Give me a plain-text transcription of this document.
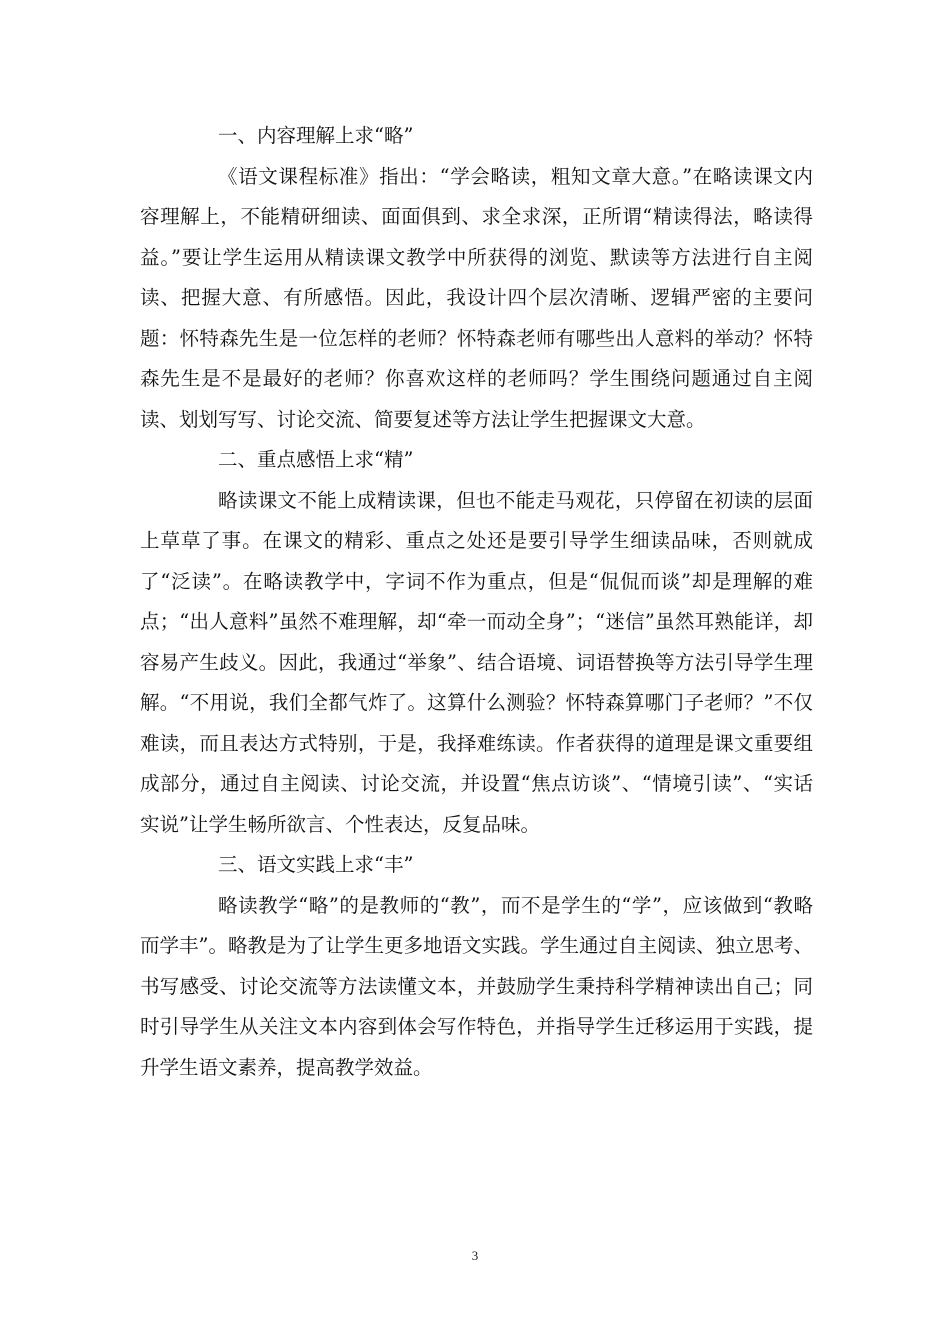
一、内容理解上求“略”

《语文课程标准》指出：“学会略读，粗知文章大意。”在略读课文内容理解上，不能精研细读、面面俱到、求全求深，正所谓“精读得法，略读得益。”要让学生运用从精读课文教学中所获得的浏览、默读等方法进行自主阅读、把握大意、有所感悟。因此，我设计四个层次清晰、逻辑严密的主要问题：怀特森先生是一位怎样的老师？怀特森老师有哪些出人意料的举动？怀特森先生是不是最好的老师？你喜欢这样的老师吗？学生围绕问题通过自主阅读、划划写写、讨论交流、简要复述等方法让学生把握课文大意。

二、重点感悟上求“精”

略读课文不能上成精读课，但也不能走马观花，只停留在初读的层面上草草了事。在课文的精彩、重点之处还是要引导学生细读品味，否则就成了“泛读”。在略读教学中，字词不作为重点，但是“侃侃而谈”却是理解的难点；“出人意料”虽然不难理解，却“牵一而动全身”；“迷信”虽然耳熟能详，却容易产生歧义。因此，我通过“举象”、结合语境、词语替换等方法引导学生理解。“不用说，我们全都气炸了。这算什么测验？怀特森算哪门子老师？”不仅难读，而且表达方式特别，于是，我择难练读。作者获得的道理是课文重要组成部分，通过自主阅读、讨论交流，并设置“焦点访谈”、“情境引读”、“实话实说”让学生畅所欲言、个性表达，反复品味。

三、语文实践上求“丰”

略读教学“略”的是教师的“教”，而不是学生的“学”，应该做到“教略而学丰”。略教是为了让学生更多地语文实践。学生通过自主阅读、独立思考、书写感受、讨论交流等方法读懂文本，并鼓励学生秉持科学精神读出自己；同时引导学生从关注文本内容到体会写作特色，并指导学生迁移运用于实践，提升学生语文素养，提高教学效益。

3
